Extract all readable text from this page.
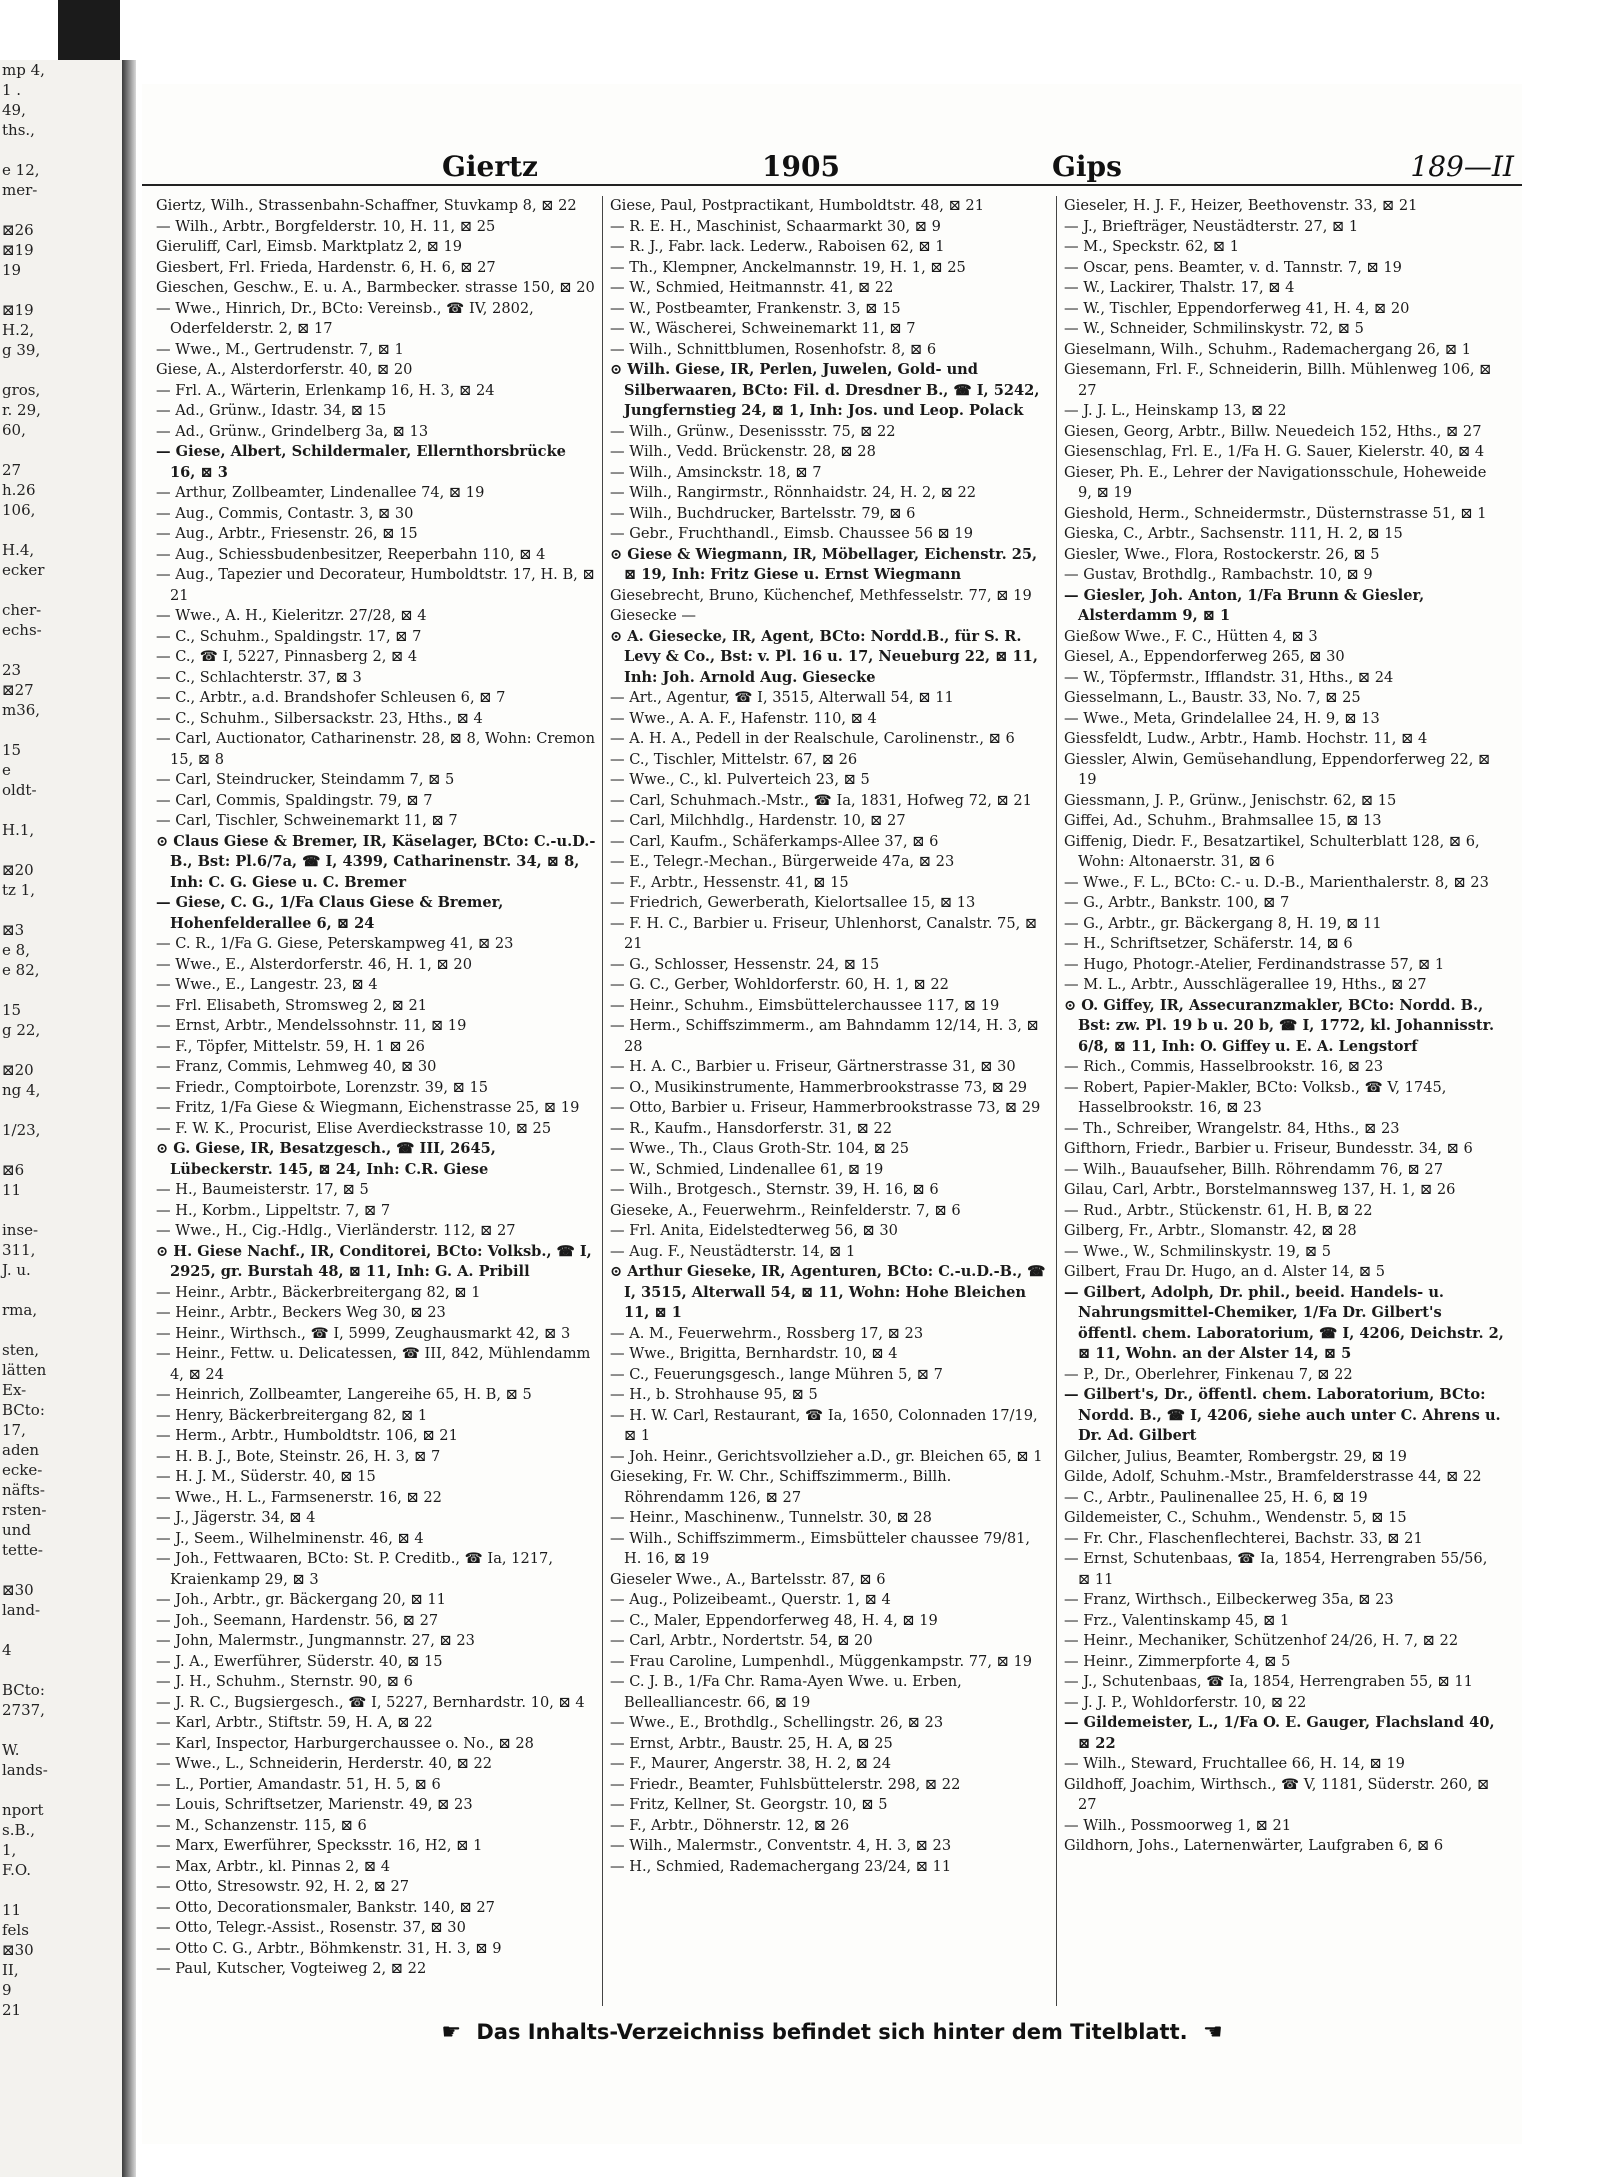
mp 4,
1 .
49,
ths.,

e 12,
mer-

⊠26
⊠19
19

⊠19
H.2,
g 39,

gros,
r. 29,
60,

27
h.26
106,

H.4,
ecker

cher-
echs-

23
⊠27
m36,

15
e
oldt-

H.1,

⊠20
tz 1,

⊠3
e 8,
e 82,

15
g 22,

⊠20
ng 4,

1/23,

⊠6
11

inse-
311,
J. u.

rma,

sten,
lätten
Ex-
BCto:
17,
aden
ecke-
näfts-
rsten-
und
tette-

⊠30
land-

4

BCto:
2737,

W.
lands-

nport
s.B.,
1,
F.O.

11
fels
⊠30
II,
9
21
Giertz	1905	Gips	189—II
Giertz, Wilh., Strassenbahn-Schaffner, Stuvkamp 8, ⊠ 22
— Wilh., Arbtr., Borgfelderstr. 10, H. 11, ⊠ 25
Gieruliff, Carl, Eimsb. Marktplatz 2, ⊠ 19
Giesbert, Frl. Frieda, Hardenstr. 6, H. 6, ⊠ 27
Gieschen, Geschw., E. u. A., Barmbecker. strasse 150, ⊠ 20
— Wwe., Hinrich, Dr., BCto: Vereinsb., ☎ IV, 2802, Oderfelderstr. 2, ⊠ 17
— Wwe., M., Gertrudenstr. 7, ⊠ 1
Giese, A., Alsterdorferstr. 40, ⊠ 20
— Frl. A., Wärterin, Erlenkamp 16, H. 3, ⊠ 24
— Ad., Grünw., Idastr. 34, ⊠ 15
— Ad., Grünw., Grindelberg 3a, ⊠ 13
— Giese, Albert, Schildermaler, Ellernthorsbrücke 16, ⊠ 3
— Arthur, Zollbeamter, Lindenallee 74, ⊠ 19
— Aug., Commis, Contastr. 3, ⊠ 30
— Aug., Arbtr., Friesenstr. 26, ⊠ 15
— Aug., Schiessbudenbesitzer, Reeperbahn 110, ⊠ 4
— Aug., Tapezier und Decorateur, Humboldtstr. 17, H. B, ⊠ 21
— Wwe., A. H., Kieleritzr. 27/28, ⊠ 4
— C., Schuhm., Spaldingstr. 17, ⊠ 7
— C., ☎ I, 5227, Pinnasberg 2, ⊠ 4
— C., Schlachterstr. 37, ⊠ 3
— C., Arbtr., a.d. Brandshofer Schleusen 6, ⊠ 7
— C., Schuhm., Silbersackstr. 23, Hths., ⊠ 4
— Carl, Auctionator, Catharinenstr. 28, ⊠ 8, Wohn: Cremon 15, ⊠ 8
— Carl, Steindrucker, Steindamm 7, ⊠ 5
— Carl, Commis, Spaldingstr. 79, ⊠ 7
— Carl, Tischler, Schweinemarkt 11, ⊠ 7
⊙ Claus Giese & Bremer, IR, Käselager, BCto: C.-u.D.-B., Bst: Pl.6/7a, ☎ I, 4399, Catharinenstr. 34, ⊠ 8, Inh: C. G. Giese u. C. Bremer
— Giese, C. G., 1/Fa Claus Giese & Bremer, Hohenfelderallee 6, ⊠ 24
— C. R., 1/Fa G. Giese, Peterskampweg 41, ⊠ 23
— Wwe., E., Alsterdorferstr. 46, H. 1, ⊠ 20
— Wwe., E., Langestr. 23, ⊠ 4
— Frl. Elisabeth, Stromsweg 2, ⊠ 21
— Ernst, Arbtr., Mendelssohnstr. 11, ⊠ 19
— F., Töpfer, Mittelstr. 59, H. 1 ⊠ 26
— Franz, Commis, Lehmweg 40, ⊠ 30
— Friedr., Comptoirbote, Lorenzstr. 39, ⊠ 15
— Fritz, 1/Fa Giese & Wiegmann, Eichenstrasse 25, ⊠ 19
— F. W. K., Procurist, Elise Averdieckstrasse 10, ⊠ 25
⊙ G. Giese, IR, Besatzgesch., ☎ III, 2645, Lübeckerstr. 145, ⊠ 24, Inh: C.R. Giese
— H., Baumeisterstr. 17, ⊠ 5
— H., Korbm., Lippeltstr. 7, ⊠ 7
— Wwe., H., Cig.-Hdlg., Vierländerstr. 112, ⊠ 27
⊙ H. Giese Nachf., IR, Conditorei, BCto: Volksb., ☎ I, 2925, gr. Burstah 48, ⊠ 11, Inh: G. A. Pribill
— Heinr., Arbtr., Bäckerbreitergang 82, ⊠ 1
— Heinr., Arbtr., Beckers Weg 30, ⊠ 23
— Heinr., Wirthsch., ☎ I, 5999, Zeughausmarkt 42, ⊠ 3
— Heinr., Fettw. u. Delicatessen, ☎ III, 842, Mühlendamm 4, ⊠ 24
— Heinrich, Zollbeamter, Langereihe 65, H. B, ⊠ 5
— Henry, Bäckerbreitergang 82, ⊠ 1
— Herm., Arbtr., Humboldtstr. 106, ⊠ 21
— H. B. J., Bote, Steinstr. 26, H. 3, ⊠ 7
— H. J. M., Süderstr. 40, ⊠ 15
— Wwe., H. L., Farmsenerstr. 16, ⊠ 22
— J., Jägerstr. 34, ⊠ 4
— J., Seem., Wilhelminenstr. 46, ⊠ 4
— Joh., Fettwaaren, BCto: St. P. Creditb., ☎ Ia, 1217, Kraienkamp 29, ⊠ 3
— Joh., Arbtr., gr. Bäckergang 20, ⊠ 11
— Joh., Seemann, Hardenstr. 56, ⊠ 27
— John, Malermstr., Jungmannstr. 27, ⊠ 23
— J. A., Ewerführer, Süderstr. 40, ⊠ 15
— J. H., Schuhm., Sternstr. 90, ⊠ 6
— J. R. C., Bugsiergesch., ☎ I, 5227, Bernhardstr. 10, ⊠ 4
— Karl, Arbtr., Stiftstr. 59, H. A, ⊠ 22
— Karl, Inspector, Harburgerchaussee o. No., ⊠ 28
— Wwe., L., Schneiderin, Herderstr. 40, ⊠ 22
— L., Portier, Amandastr. 51, H. 5, ⊠ 6
— Louis, Schriftsetzer, Marienstr. 49, ⊠ 23
— M., Schanzenstr. 115, ⊠ 6
— Marx, Ewerführer, Specksstr. 16, H2, ⊠ 1
— Max, Arbtr., kl. Pinnas 2, ⊠ 4
— Otto, Stresowstr. 92, H. 2, ⊠ 27
— Otto, Decorationsmaler, Bankstr. 140, ⊠ 27
— Otto, Telegr.-Assist., Rosenstr. 37, ⊠ 30
— Otto C. G., Arbtr., Böhmkenstr. 31, H. 3, ⊠ 9
— Paul, Kutscher, Vogteiweg 2, ⊠ 22
Giese, Paul, Postpractikant, Humboldtstr. 48, ⊠ 21
— R. E. H., Maschinist, Schaarmarkt 30, ⊠ 9
— R. J., Fabr. lack. Lederw., Raboisen 62, ⊠ 1
— Th., Klempner, Anckelmannstr. 19, H. 1, ⊠ 25
— W., Schmied, Heitmannstr. 41, ⊠ 22
— W., Postbeamter, Frankenstr. 3, ⊠ 15
— W., Wäscherei, Schweinemarkt 11, ⊠ 7
— Wilh., Schnittblumen, Rosenhofstr. 8, ⊠ 6
⊙ Wilh. Giese, IR, Perlen, Juwelen, Gold- und Silberwaaren, BCto: Fil. d. Dresdner B., ☎ I, 5242, Jungfernstieg 24, ⊠ 1, Inh: Jos. und Leop. Polack
— Wilh., Grünw., Desenissstr. 75, ⊠ 22
— Wilh., Vedd. Brückenstr. 28, ⊠ 28
— Wilh., Amsinckstr. 18, ⊠ 7
— Wilh., Rangirmstr., Rönnhaidstr. 24, H. 2, ⊠ 22
— Wilh., Buchdrucker, Bartelsstr. 79, ⊠ 6
— Gebr., Fruchthandl., Eimsb. Chaussee 56 ⊠ 19
⊙ Giese & Wiegmann, IR, Möbellager, Eichenstr. 25, ⊠ 19, Inh: Fritz Giese u. Ernst Wiegmann
Giesebrecht, Bruno, Küchenchef, Methfesselstr. 77, ⊠ 19
Giesecke —
⊙ A. Giesecke, IR, Agent, BCto: Nordd.B., für S. R. Levy & Co., Bst: v. Pl. 16 u. 17, Neueburg 22, ⊠ 11, Inh: Joh. Arnold Aug. Giesecke
— Art., Agentur, ☎ I, 3515, Alterwall 54, ⊠ 11
— Wwe., A. A. F., Hafenstr. 110, ⊠ 4
— A. H. A., Pedell in der Realschule, Carolinenstr., ⊠ 6
— C., Tischler, Mittelstr. 67, ⊠ 26
— Wwe., C., kl. Pulverteich 23, ⊠ 5
— Carl, Schuhmach.-Mstr., ☎ Ia, 1831, Hofweg 72, ⊠ 21
— Carl, Milchhdlg., Hardenstr. 10, ⊠ 27
— Carl, Kaufm., Schäferkamps-Allee 37, ⊠ 6
— E., Telegr.-Mechan., Bürgerweide 47a, ⊠ 23
— F., Arbtr., Hessenstr. 41, ⊠ 15
— Friedrich, Gewerberath, Kielortsallee 15, ⊠ 13
— F. H. C., Barbier u. Friseur, Uhlenhorst, Canalstr. 75, ⊠ 21
— G., Schlosser, Hessenstr. 24, ⊠ 15
— G. C., Gerber, Wohldorferstr. 60, H. 1, ⊠ 22
— Heinr., Schuhm., Eimsbüttelerchaussee 117, ⊠ 19
— Herm., Schiffszimmerm., am Bahndamm 12/14, H. 3, ⊠ 28
— H. A. C., Barbier u. Friseur, Gärtnerstrasse 31, ⊠ 30
— O., Musikinstrumente, Hammerbrookstrasse 73, ⊠ 29
— Otto, Barbier u. Friseur, Hammerbrookstrasse 73, ⊠ 29
— R., Kaufm., Hansdorferstr. 31, ⊠ 22
— Wwe., Th., Claus Groth-Str. 104, ⊠ 25
— W., Schmied, Lindenallee 61, ⊠ 19
— Wilh., Brotgesch., Sternstr. 39, H. 16, ⊠ 6
Gieseke, A., Feuerwehrm., Reinfelderstr. 7, ⊠ 6
— Frl. Anita, Eidelstedterweg 56, ⊠ 30
— Aug. F., Neustädterstr. 14, ⊠ 1
⊙ Arthur Gieseke, IR, Agenturen, BCto: C.-u.D.-B., ☎ I, 3515, Alterwall 54, ⊠ 11, Wohn: Hohe Bleichen 11, ⊠ 1
— A. M., Feuerwehrm., Rossberg 17, ⊠ 23
— Wwe., Brigitta, Bernhardstr. 10, ⊠ 4
— C., Feuerungsgesch., lange Mühren 5, ⊠ 7
— H., b. Strohhause 95, ⊠ 5
— H. W. Carl, Restaurant, ☎ Ia, 1650, Colonnaden 17/19, ⊠ 1
— Joh. Heinr., Gerichtsvollzieher a.D., gr. Bleichen 65, ⊠ 1
Gieseking, Fr. W. Chr., Schiffszimmerm., Billh. Röhrendamm 126, ⊠ 27
— Heinr., Maschinenw., Tunnelstr. 30, ⊠ 28
— Wilh., Schiffszimmerm., Eimsbütteler chaussee 79/81, H. 16, ⊠ 19
Gieseler Wwe., A., Bartelsstr. 87, ⊠ 6
— Aug., Polizeibeamt., Querstr. 1, ⊠ 4
— C., Maler, Eppendorferweg 48, H. 4, ⊠ 19
— Carl, Arbtr., Nordertstr. 54, ⊠ 20
— Frau Caroline, Lumpenhdl., Müggenkampstr. 77, ⊠ 19
— C. J. B., 1/Fa Chr. Rama-Ayen Wwe. u. Erben, Bellealliancestr. 66, ⊠ 19
— Wwe., E., Brothdlg., Schellingstr. 26, ⊠ 23
— Ernst, Arbtr., Baustr. 25, H. A, ⊠ 25
— F., Maurer, Angerstr. 38, H. 2, ⊠ 24
— Friedr., Beamter, Fuhlsbüttelerstr. 298, ⊠ 22
— Fritz, Kellner, St. Georgstr. 10, ⊠ 5
— F., Arbtr., Döhnerstr. 12, ⊠ 26
— Wilh., Malermstr., Conventstr. 4, H. 3, ⊠ 23
— H., Schmied, Rademachergang 23/24, ⊠ 11
Gieseler, H. J. F., Heizer, Beethovenstr. 33, ⊠ 21
— J., Briefträger, Neustädterstr. 27, ⊠ 1
— M., Speckstr. 62, ⊠ 1
— Oscar, pens. Beamter, v. d. Tannstr. 7, ⊠ 19
— W., Lackirer, Thalstr. 17, ⊠ 4
— W., Tischler, Eppendorferweg 41, H. 4, ⊠ 20
— W., Schneider, Schmilinskystr. 72, ⊠ 5
Gieselmann, Wilh., Schuhm., Rademachergang 26, ⊠ 1
Giesemann, Frl. F., Schneiderin, Billh. Mühlenweg 106, ⊠ 27
— J. J. L., Heinskamp 13, ⊠ 22
Giesen, Georg, Arbtr., Billw. Neuedeich 152, Hths., ⊠ 27
Giesenschlag, Frl. E., 1/Fa H. G. Sauer, Kielerstr. 40, ⊠ 4
Gieser, Ph. E., Lehrer der Navigationsschule, Hoheweide 9, ⊠ 19
Gieshold, Herm., Schneidermstr., Düsternstrasse 51, ⊠ 1
Gieska, C., Arbtr., Sachsenstr. 111, H. 2, ⊠ 15
Giesler, Wwe., Flora, Rostockerstr. 26, ⊠ 5
— Gustav, Brothdlg., Rambachstr. 10, ⊠ 9
— Giesler, Joh. Anton, 1/Fa Brunn & Giesler, Alsterdamm 9, ⊠ 1
Gießow Wwe., F. C., Hütten 4, ⊠ 3
Giesel, A., Eppendorferweg 265, ⊠ 30
— W., Töpfermstr., Ifflandstr. 31, Hths., ⊠ 24
Giesselmann, L., Baustr. 33, No. 7, ⊠ 25
— Wwe., Meta, Grindelallee 24, H. 9, ⊠ 13
Giessfeldt, Ludw., Arbtr., Hamb. Hochstr. 11, ⊠ 4
Giessler, Alwin, Gemüsehandlung, Eppendorferweg 22, ⊠ 19
Giessmann, J. P., Grünw., Jenischstr. 62, ⊠ 15
Giffei, Ad., Schuhm., Brahmsallee 15, ⊠ 13
Giffenig, Diedr. F., Besatzartikel, Schulterblatt 128, ⊠ 6, Wohn: Altonaerstr. 31, ⊠ 6
— Wwe., F. L., BCto: C.- u. D.-B., Marienthalerstr. 8, ⊠ 23
— G., Arbtr., Bankstr. 100, ⊠ 7
— G., Arbtr., gr. Bäckergang 8, H. 19, ⊠ 11
— H., Schriftsetzer, Schäferstr. 14, ⊠ 6
— Hugo, Photogr.-Atelier, Ferdinandstrasse 57, ⊠ 1
— M. L., Arbtr., Ausschlägerallee 19, Hths., ⊠ 27
⊙ O. Giffey, IR, Assecuranzmakler, BCto: Nordd. B., Bst: zw. Pl. 19 b u. 20 b, ☎ I, 1772, kl. Johannisstr. 6/8, ⊠ 11, Inh: O. Giffey u. E. A. Lengstorf
— Rich., Commis, Hasselbrookstr. 16, ⊠ 23
— Robert, Papier-Makler, BCto: Volksb., ☎ V, 1745, Hasselbrookstr. 16, ⊠ 23
— Th., Schreiber, Wrangelstr. 84, Hths., ⊠ 23
Gifthorn, Friedr., Barbier u. Friseur, Bundesstr. 34, ⊠ 6
— Wilh., Bauaufseher, Billh. Röhrendamm 76, ⊠ 27
Gilau, Carl, Arbtr., Borstelmannsweg 137, H. 1, ⊠ 26
— Rud., Arbtr., Stückenstr. 61, H. B, ⊠ 22
Gilberg, Fr., Arbtr., Slomanstr. 42, ⊠ 28
— Wwe., W., Schmilinskystr. 19, ⊠ 5
Gilbert, Frau Dr. Hugo, an d. Alster 14, ⊠ 5
— Gilbert, Adolph, Dr. phil., beeid. Handels- u. Nahrungsmittel-Chemiker, 1/Fa Dr. Gilbert's öffentl. chem. Laboratorium, ☎ I, 4206, Deichstr. 2, ⊠ 11, Wohn. an der Alster 14, ⊠ 5
— P., Dr., Oberlehrer, Finkenau 7, ⊠ 22
— Gilbert's, Dr., öffentl. chem. Laboratorium, BCto: Nordd. B., ☎ I, 4206, siehe auch unter C. Ahrens u. Dr. Ad. Gilbert
Gilcher, Julius, Beamter, Rombergstr. 29, ⊠ 19
Gilde, Adolf, Schuhm.-Mstr., Bramfelderstrasse 44, ⊠ 22
— C., Arbtr., Paulinenallee 25, H. 6, ⊠ 19
Gildemeister, C., Schuhm., Wendenstr. 5, ⊠ 15
— Fr. Chr., Flaschenflechterei, Bachstr. 33, ⊠ 21
— Ernst, Schutenbaas, ☎ Ia, 1854, Herrengraben 55/56, ⊠ 11
— Franz, Wirthsch., Eilbeckerweg 35a, ⊠ 23
— Frz., Valentinskamp 45, ⊠ 1
— Heinr., Mechaniker, Schützenhof 24/26, H. 7, ⊠ 22
— Heinr., Zimmerpforte 4, ⊠ 5
— J., Schutenbaas, ☎ Ia, 1854, Herrengraben 55, ⊠ 11
— J. J. P., Wohldorferstr. 10, ⊠ 22
— Gildemeister, L., 1/Fa O. E. Gauger, Flachsland 40, ⊠ 22
— Wilh., Steward, Fruchtallee 66, H. 14, ⊠ 19
Gildhoff, Joachim, Wirthsch., ☎ V, 1181, Süderstr. 260, ⊠ 27
— Wilh., Possmoorweg 1, ⊠ 21
Gildhorn, Johs., Laternenwärter, Laufgraben 6, ⊠ 6
☛ Das Inhalts-Verzeichniss befindet sich hinter dem Titelblatt. ☚
